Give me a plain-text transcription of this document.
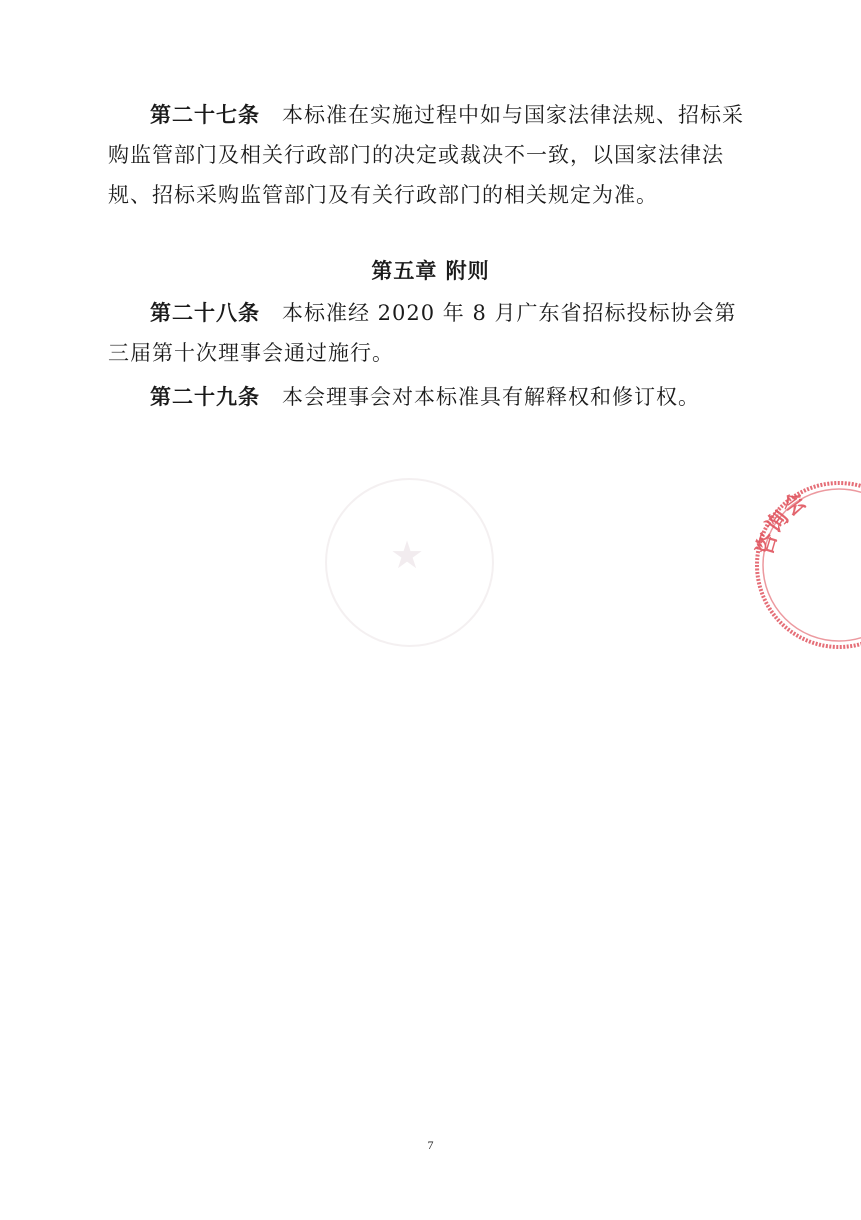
第二十七条 本标准在实施过程中如与国家法律法规、招标采购监管部门及相关行政部门的决定或裁决不一致，以国家法律法规、招标采购监管部门及有关行政部门的相关规定为准。

第五章 附则

第二十八条 本标准经 2020 年 8 月广东省招标投标协会第三届第十次理事会通过施行。

第二十九条 本会理事会对本标准具有解释权和修订权。

★	咨询会
7
